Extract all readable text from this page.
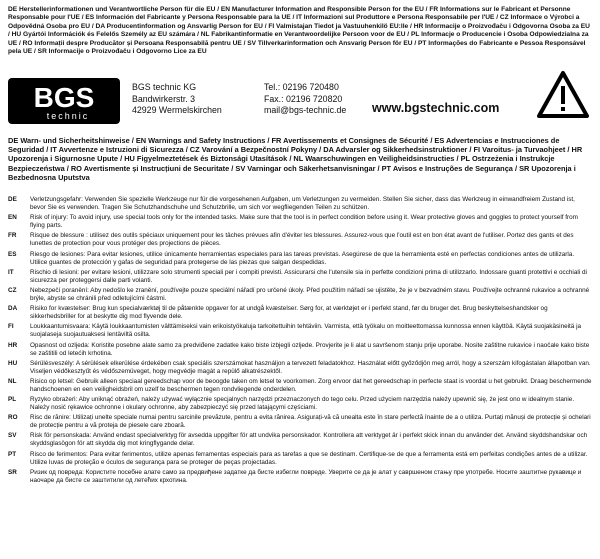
DE Herstellerinformationen und Verantwortliche Person für die EU / EN Manufacturer Information and Responsible Person for the EU / FR Informations sur le Fabricant et Personne Responsable pour l'UE / ES Información del Fabricante y Persona Responsable para la UE / IT Informazioni sul Produttore e Persona Responsabile per l'UE / CZ Informace o Výrobci a Odpovědná Osoba pro EU / DA Producentinformation og Ansvarlig Person for EU / FI Valmistajan Tiedot ja Vastuuhenkilö EU:lle / HR Informacije o Proizvođaču i Odgovorna Osoba za EU / HU Gyártói Információk és Felelős Személy az EU számára / NL Fabrikantinformatie en Verantwoordelijke Persoon voor de EU / PL Informacje o Producencie i Osoba Odpowiedzialna za UE / RO Informații despre Producător și Persoana Responsabilă pentru UE / SV Tillverkarinformation och Ansvarig Person för EU / PT Informações do Fabricante e Pessoa Responsável pela UE / SR Informacije o Proizvođaču i Odgovorno Lice za EU
BGS
technic
BGS technic KG
Bandwirkerstr. 3
42929 Wermelskirchen
Tel.: 02196 720480
Fax.: 02196 720820
mail@bgs-technic.de www.bgstechnic.com
DE Warn- und Sicherheitshinweise / EN Warnings and Safety Instructions / FR Avertissements et Consignes de Sécurité / ES Advertencias e Instrucciones de Seguridad / IT Avvertenze e Istruzioni di Sicurezza / CZ Varování a Bezpečnostní Pokyny / DA Advarsler og Sikkerhedsinstruktioner / FI Varoitus- ja Turvaohjeet / HR Upozorenja i Sigurnosne Upute / HU Figyelmeztetések és Biztonsági Utasítások / NL Waarschuwingen en Veiligheidsinstructies / PL Ostrzeżenia i Instrukcje Bezpieczeństwa / RO Avertismente și Instrucțiuni de Securitate / SV Varningar och Säkerhetsanvisningar / PT Avisos e Instruções de Segurança / SR Upozorenja i Bezbednosna Uputstva
DE	Verletzungsgefahr: Verwenden Sie spezielle Werkzeuge nur für die vorgesehenen Aufgaben, um Verletzungen zu vermeiden. Stellen Sie sicher, dass das Werkzeug in einwandfreiem Zustand ist, bevor Sie es verwenden. Tragen Sie Schutzhandschuhe und Schutzbrille, um sich vor wegfliegenden Teilen zu schützen.
EN	Risk of injury: To avoid injury, use special tools only for the intended tasks. Make sure that the tool is in perfect condition before using it. Wear protective gloves and goggles to protect yourself from flying parts.
FR	Risque de blessure : utilisez des outils spéciaux uniquement pour les tâches prévues afin d'éviter les blessures. Assurez-vous que l'outil est en bon état avant de l'utiliser. Portez des gants et des lunettes de protection pour vous protéger des projections de pièces.
ES	Riesgo de lesiones: Para evitar lesiones, utilice únicamente herramientas especiales para las tareas previstas. Asegúrese de que la herramienta esté en perfectas condiciones antes de utilizarla. Utilice guantes de protección y gafas de seguridad para protegerse de las piezas que salgan despedidas.
IT	Rischio di lesioni: per evitare lesioni, utilizzare solo strumenti speciali per i compiti previsti. Assicurarsi che l'utensile sia in perfette condizioni prima di utilizzarlo. Indossare guanti protettivi e occhiali di sicurezza per proteggersi dalle parti volanti.
CZ	Nebezpečí poranění: Aby nedošlo ke zranění, používejte pouze speciální nářadí pro určené úkoly. Před použitím nářadí se ujistěte, že je v bezvadném stavu. Používejte ochranné rukavice a ochranné brýle, abyste se chránili před odletujícími částmi.
DA	Risiko for kvæstelser: Brug kun specialværktøj til de påtænkte opgaver for at undgå kvæstelser. Sørg for, at værktøjet er i perfekt stand, før du bruger det. Brug beskyttelseshandsker og sikkerhedsbriller for at beskytte dig mod flyvende dele.
FI	Loukkaantumisvaara: Käytä loukkaantumisten välttämiseksi vain erikoistyökaluja tarkoitettuihin tehtäviin. Varmista, että työkalu on moitteettomassa kunnossa ennen käyttöä. Käytä suojakäsineitä ja suojalaseja suojautuaksesi lentäviltä osilta.
HR	Opasnost od ozljeda: Koristite posebne alate samo za predviđene zadatke kako biste izbjegli ozljede. Provjerite je li alat u savršenom stanju prije uporabe. Nosite zaštitne rukavice i naočale kako biste se zaštitili od letećih krhotina.
HU	Sérülésveszély: A sérülések elkerülése érdekében csak speciális szerszámokat használjon a tervezett feladatokhoz. Használat előtt győződjön meg arról, hogy a szerszám kifogástalan állapotban van. Viseljen védőkesztyűt és védőszemüveget, hogy megvédje magát a repülő alkatrészektől.
NL	Risico op letsel: Gebruik alleen speciaal gereedschap voor de beoogde taken om letsel te voorkomen. Zorg ervoor dat het gereedschap in perfecte staat is voordat u het gebruikt. Draag beschermende handschoenen en een veiligheidsbril om uzelf te beschermen tegen rondvliegende onderdelen.
PL	Ryzyko obrażeń: Aby uniknąć obrażeń, należy używać wyłącznie specjalnych narzędzi przeznaczonych do tego celu. Przed użyciem narzędzia należy upewnić się, że jest ono w idealnym stanie. Należy nosić rękawice ochronne i okulary ochronne, aby zabezpieczyć się przed latającymi częściami.
RO	Risc de rănire: Utilizați unelte speciale numai pentru sarcinile prevăzute, pentru a evita rănirea. Asigurați-vă că unealta este în stare perfectă înainte de a o utiliza. Purtați mănuși de protecție și ochelari de protecție pentru a vă proteja de piesele care zboară.
SV	Risk för personskada: Använd endast specialverktyg för avsedda uppgifter för att undvika personskador. Kontrollera att verktyget är i perfekt skick innan du använder det. Använd skyddshandskar och skyddsglasögon för att skydda dig mot kringflygande delar.
PT	Risco de ferimentos: Para evitar ferimentos, utilize apenas ferramentas especiais para as tarefas a que se destinam. Certifique-se de que a ferramenta está em perfeitas condições antes de a utilizar. Utilize luvas de proteção e óculos de segurança para se proteger de peças projectadas.
SR	Ризик од повреда: Користите посебне алате само за предвиђене задатке да бисте избегли повреде. Уверите се да је алат у савршеном стању пре употребе. Носите заштитне рукавице и наочаре да бисте се заштитили од летећих крхотина.
